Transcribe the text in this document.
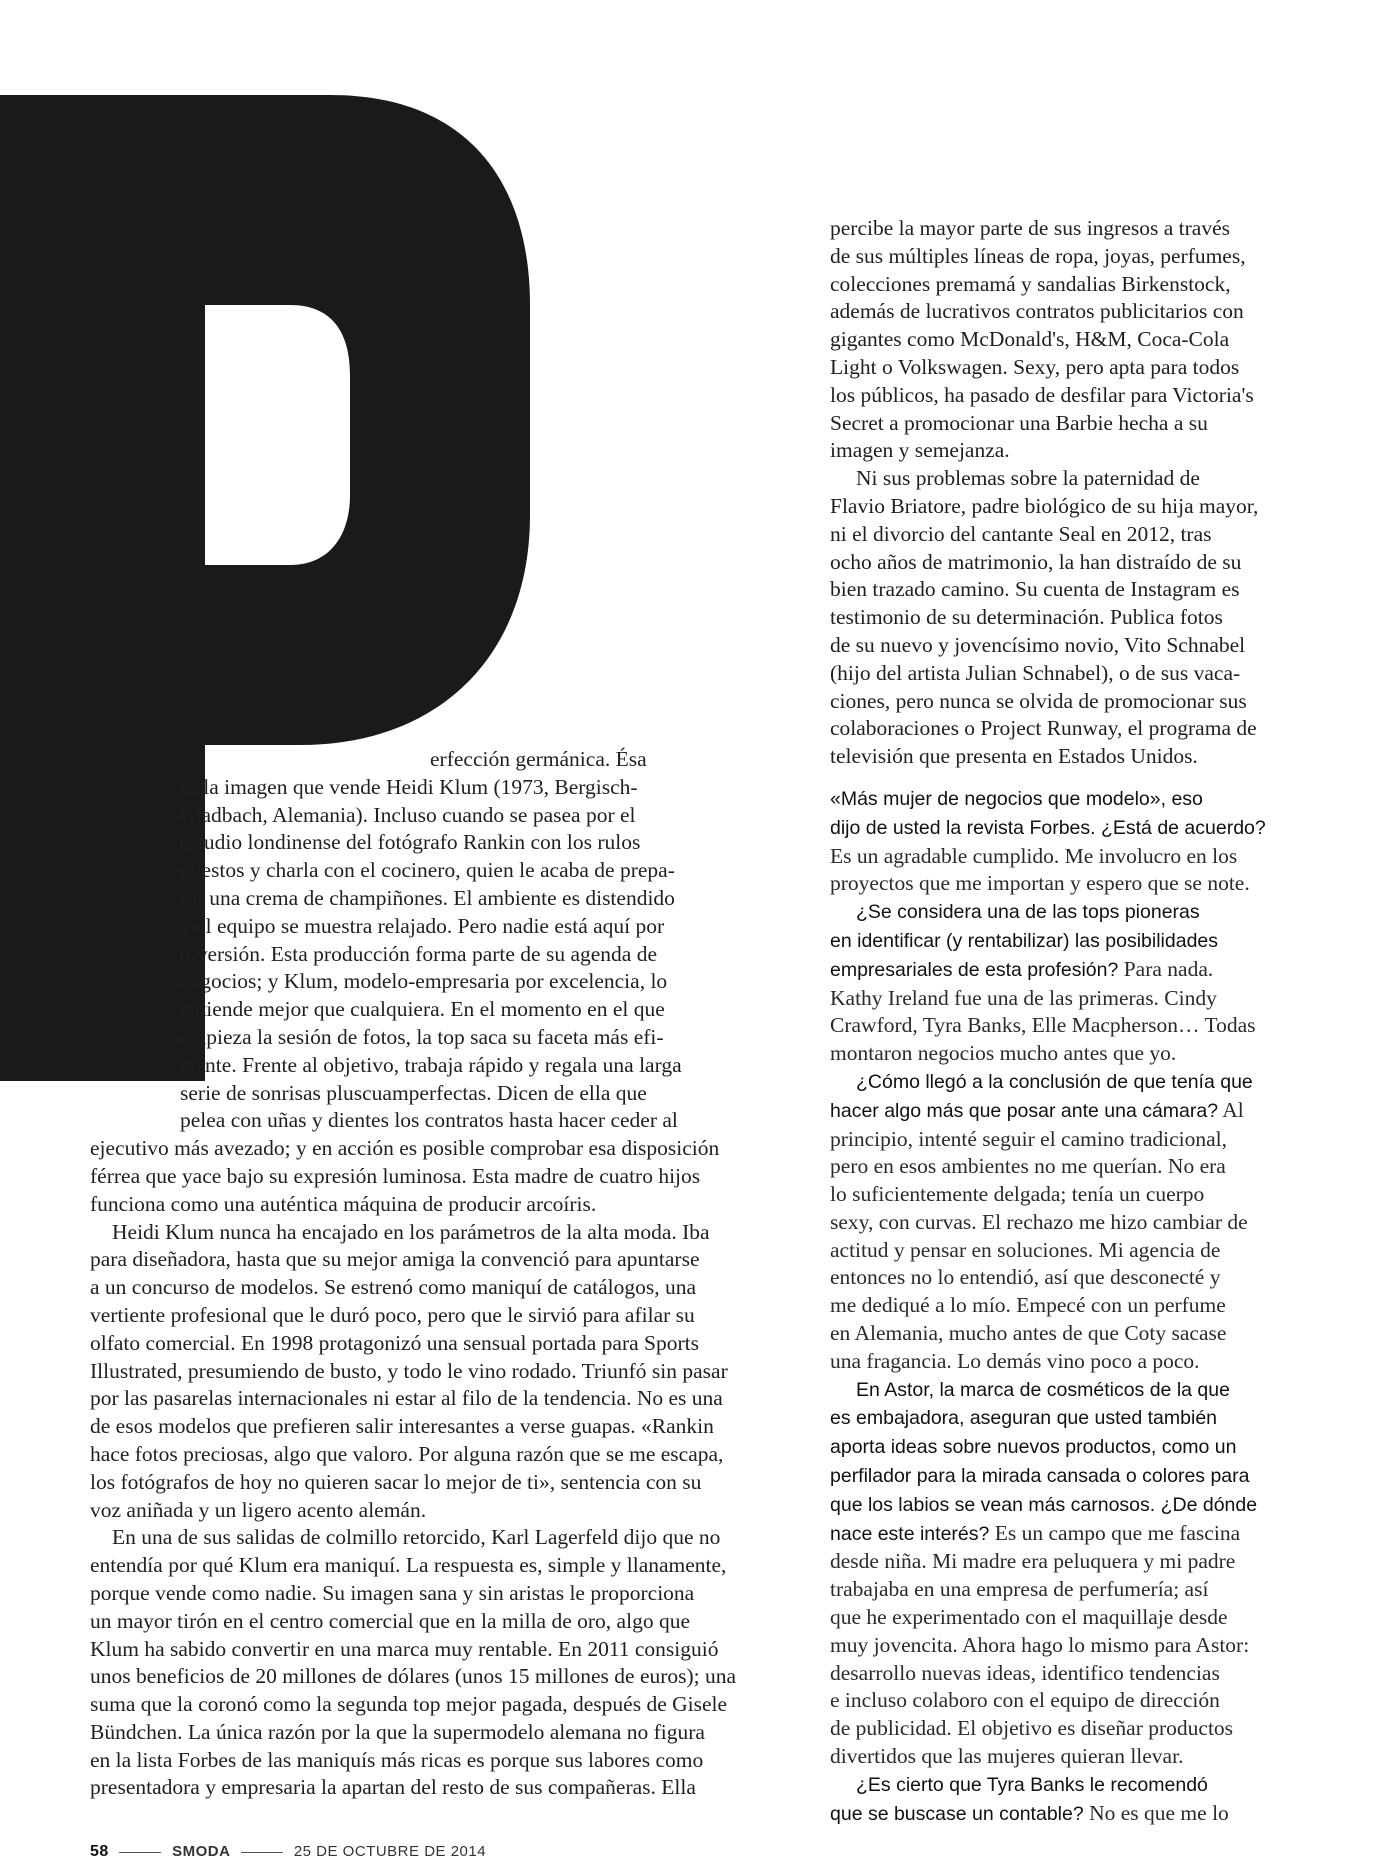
erfección germánica. Ésa
es la imagen que vende Heidi Klum (1973, Bergisch-
Gladbach, Alemania). Incluso cuando se pasea por el
estudio londinense del fotógrafo Rankin con los rulos
puestos y charla con el cocinero, quien le acaba de prepa-
rar una crema de champiñones. El ambiente es distendido
y el equipo se muestra relajado. Pero nadie está aquí por
diversión. Esta producción forma parte de su agenda de
negocios; y Klum, modelo-empresaria por excelencia, lo
entiende mejor que cualquiera. En el momento en el que
empieza la sesión de fotos, la top saca su faceta más efi-
ciente. Frente al objetivo, trabaja rápido y regala una larga
serie de sonrisas pluscuamperfectas. Dicen de ella que
pelea con uñas y dientes los contratos hasta hacer ceder al
ejecutivo más avezado; y en acción es posible comprobar esa disposición
férrea que yace bajo su expresión luminosa. Esta madre de cuatro hijos
funciona como una auténtica máquina de producir arcoíris.
Heidi Klum nunca ha encajado en los parámetros de la alta moda. Iba
para diseñadora, hasta que su mejor amiga la convenció para apuntarse
a un concurso de modelos. Se estrenó como maniquí de catálogos, una
vertiente profesional que le duró poco, pero que le sirvió para afilar su
olfato comercial. En 1998 protagonizó una sensual portada para Sports
Illustrated, presumiendo de busto, y todo le vino rodado. Triunfó sin pasar
por las pasarelas internacionales ni estar al filo de la tendencia. No es una
de esos modelos que prefieren salir interesantes a verse guapas. «Rankin
hace fotos preciosas, algo que valoro. Por alguna razón que se me escapa,
los fotógrafos de hoy no quieren sacar lo mejor de ti», sentencia con su
voz aniñada y un ligero acento alemán.
En una de sus salidas de colmillo retorcido, Karl Lagerfeld dijo que no
entendía por qué Klum era maniquí. La respuesta es, simple y llanamente,
porque vende como nadie. Su imagen sana y sin aristas le proporciona
un mayor tirón en el centro comercial que en la milla de oro, algo que
Klum ha sabido convertir en una marca muy rentable. En 2011 consiguió
unos beneficios de 20 millones de dólares (unos 15 millones de euros); una
suma que la coronó como la segunda top mejor pagada, después de Gisele
Bündchen. La única razón por la que la supermodelo alemana no figura
en la lista Forbes de las maniquís más ricas es porque sus labores como
presentadora y empresaria la apartan del resto de sus compañeras. Ella
percibe la mayor parte de sus ingresos a través
de sus múltiples líneas de ropa, joyas, perfumes,
colecciones premamá y sandalias Birkenstock,
además de lucrativos contratos publicitarios con
gigantes como McDonald's, H&M, Coca-Cola
Light o Volkswagen. Sexy, pero apta para todos
los públicos, ha pasado de desfilar para Victoria's
Secret a promocionar una Barbie hecha a su
imagen y semejanza.
Ni sus problemas sobre la paternidad de
Flavio Briatore, padre biológico de su hija mayor,
ni el divorcio del cantante Seal en 2012, tras
ocho años de matrimonio, la han distraído de su
bien trazado camino. Su cuenta de Instagram es
testimonio de su determinación. Publica fotos
de su nuevo y jovencísimo novio, Vito Schnabel
(hijo del artista Julian Schnabel), o de sus vaca-
ciones, pero nunca se olvida de promocionar sus
colaboraciones o Project Runway, el programa de
televisión que presenta en Estados Unidos.
«Más mujer de negocios que modelo», eso
dijo de usted la revista Forbes. ¿Está de acuerdo?
Es un agradable cumplido. Me involucro en los
proyectos que me importan y espero que se note.
¿Se considera una de las tops pioneras
en identificar (y rentabilizar) las posibilidades
empresariales de esta profesión? Para nada.
Kathy Ireland fue una de las primeras. Cindy
Crawford, Tyra Banks, Elle Macpherson… Todas
montaron negocios mucho antes que yo.
¿Cómo llegó a la conclusión de que tenía que
hacer algo más que posar ante una cámara? Al
principio, intenté seguir el camino tradicional,
pero en esos ambientes no me querían. No era
lo suficientemente delgada; tenía un cuerpo
sexy, con curvas. El rechazo me hizo cambiar de
actitud y pensar en soluciones. Mi agencia de
entonces no lo entendió, así que desconecté y
me dediqué a lo mío. Empecé con un perfume
en Alemania, mucho antes de que Coty sacase
una fragancia. Lo demás vino poco a poco.
En Astor, la marca de cosméticos de la que
es embajadora, aseguran que usted también
aporta ideas sobre nuevos productos, como un
perfilador para la mirada cansada o colores para
que los labios se vean más carnosos. ¿De dónde
nace este interés? Es un campo que me fascina
desde niña. Mi madre era peluquera y mi padre
trabajaba en una empresa de perfumería; así
que he experimentado con el maquillaje desde
muy jovencita. Ahora hago lo mismo para Astor:
desarrollo nuevas ideas, identifico tendencias
e incluso colaboro con el equipo de dirección
de publicidad. El objetivo es diseñar productos
divertidos que las mujeres quieran llevar.
¿Es cierto que Tyra Banks le recomendó
que se buscase un contable? No es que me lo
58	SMODA	25 DE OCTUBRE DE 2014
